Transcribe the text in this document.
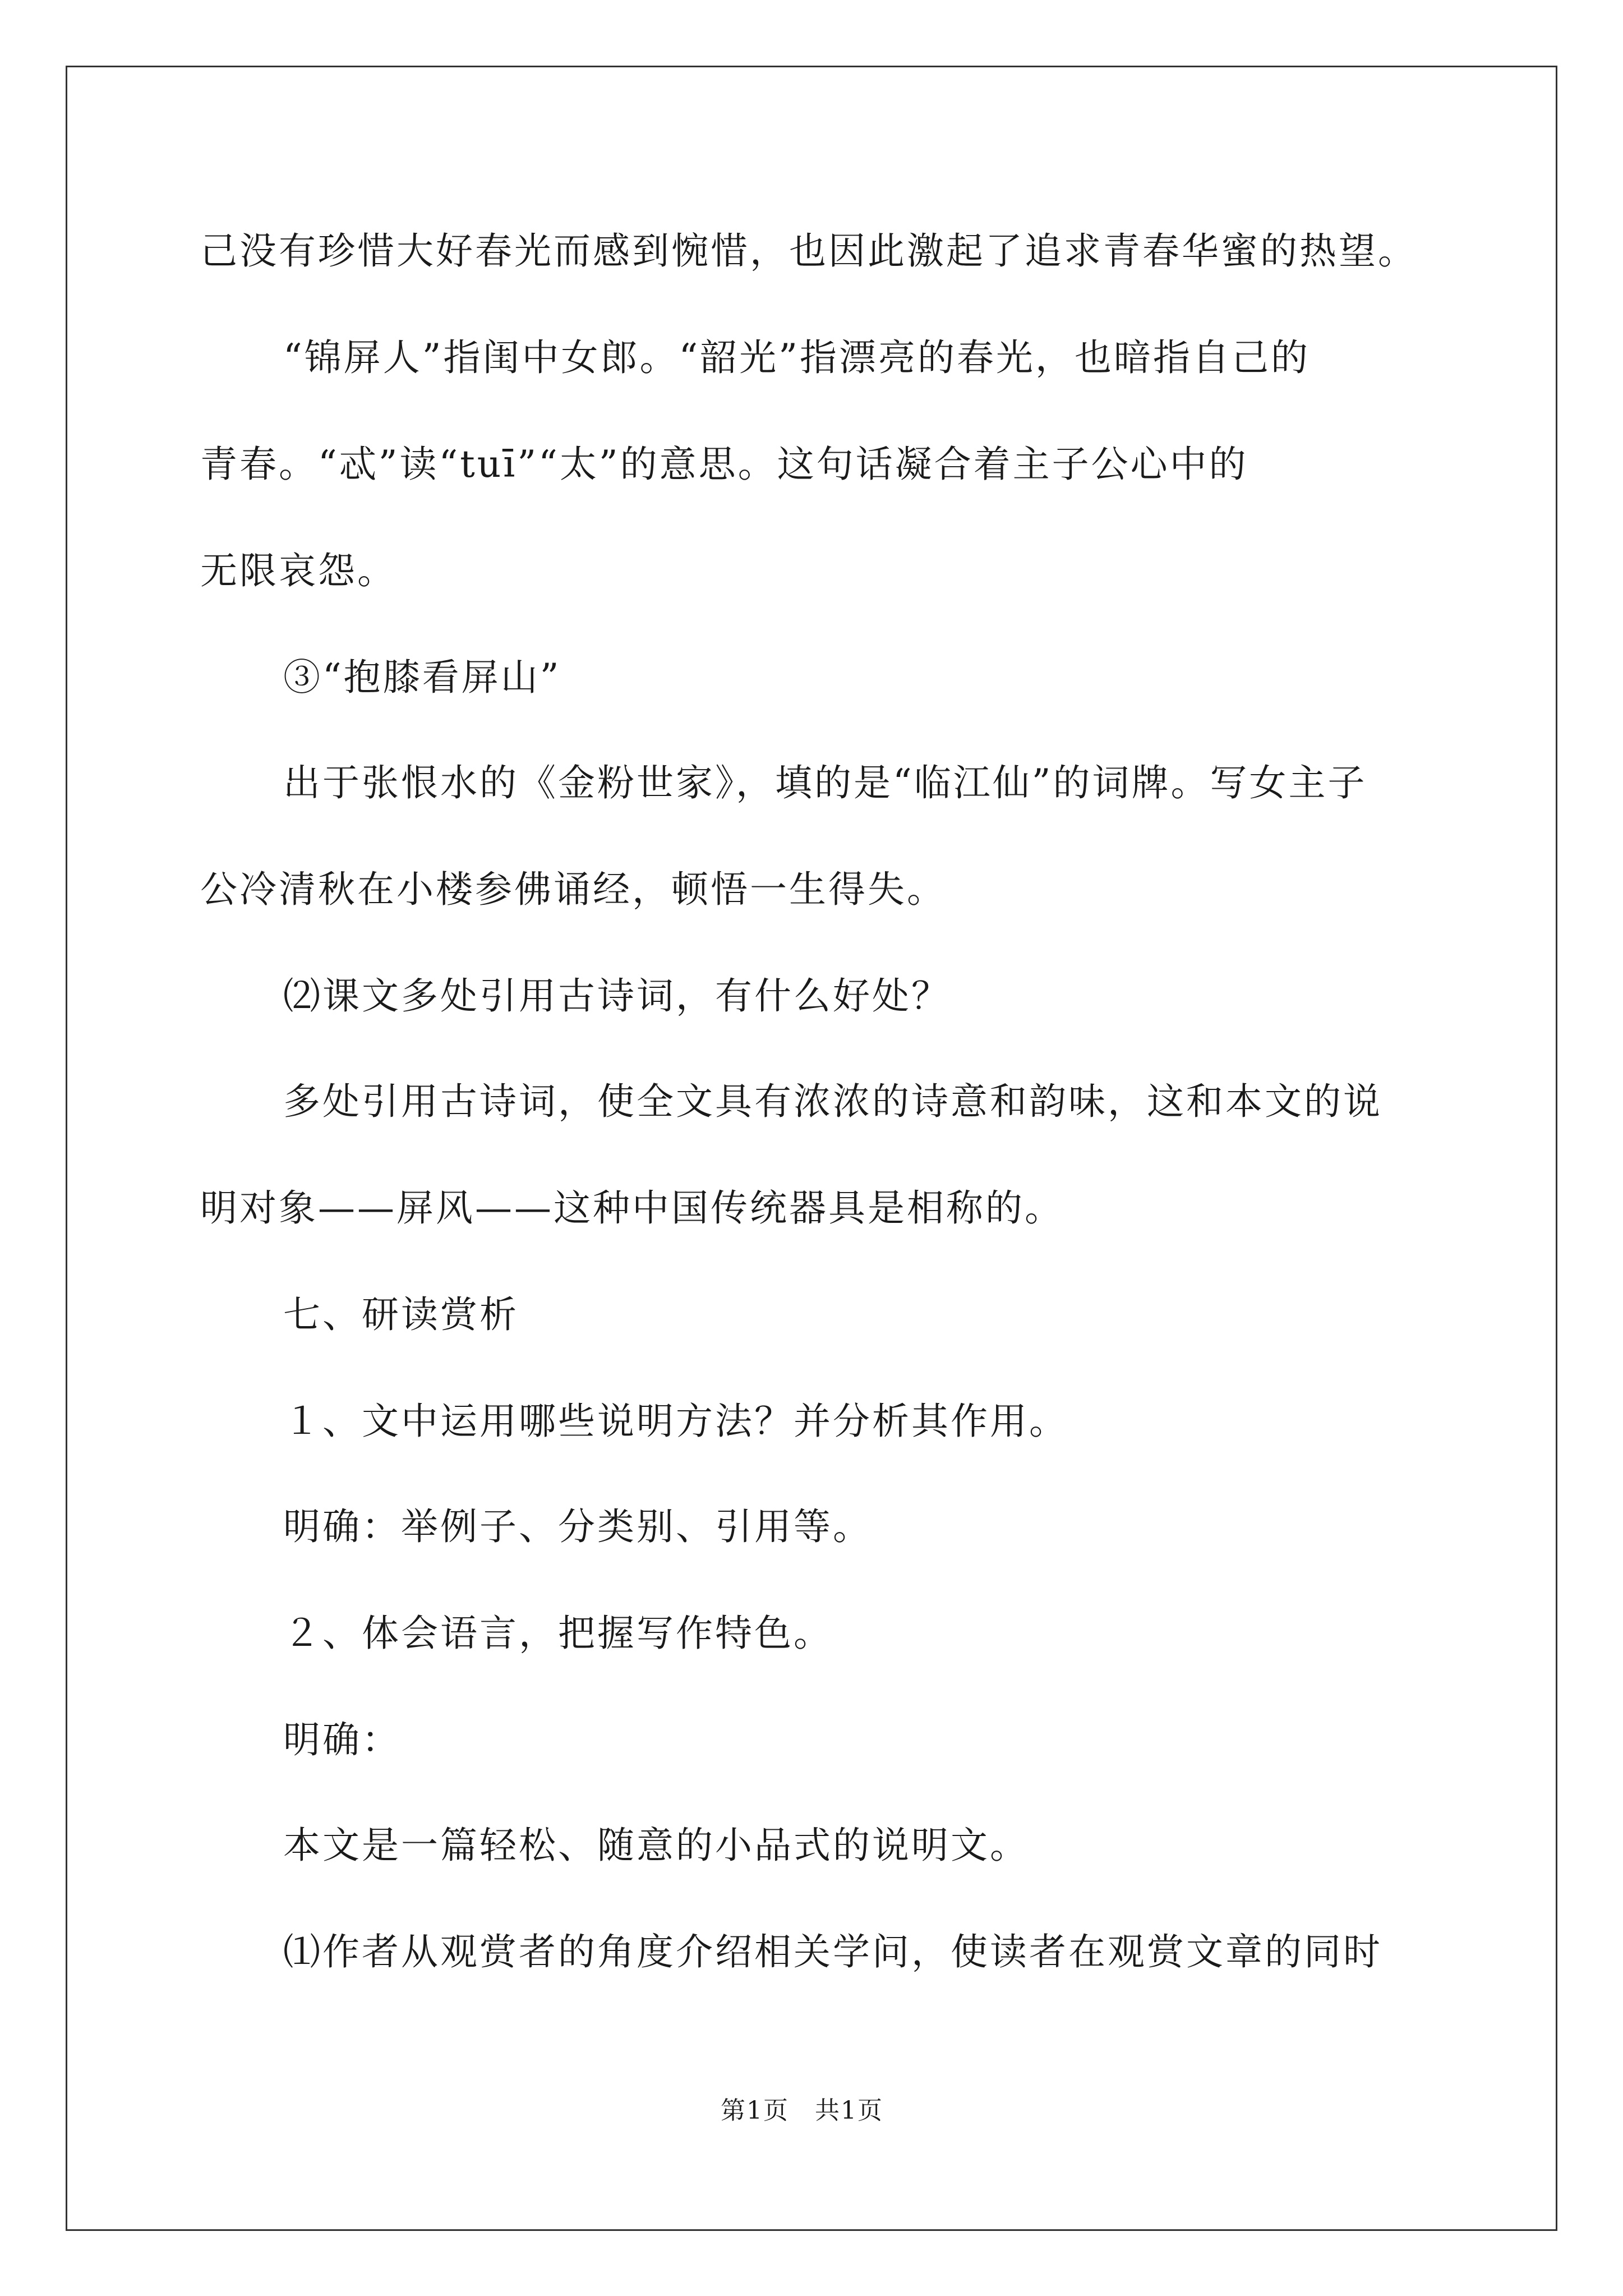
己没有珍惜大好春光而感到惋惜，也因此激起了追求青春华蜜的热望。
“锦屏人”指闺中女郎。“韶光”指漂亮的春光，也暗指自己的
青春。“忒”读“tuī”“太”的意思。这句话凝合着主子公心中的
无限哀怨。
③“抱膝看屏山”
出于张恨水的《金粉世家》，填的是“临江仙”的词牌。写女主子
公冷清秋在小楼参佛诵经，顿悟一生得失。
⑵课文多处引用古诗词，有什么好处？
多处引用古诗词，使全文具有浓浓的诗意和韵味，这和本文的说
明对象——屏风——这种中国传统器具是相称的。
七、研读赏析
１、文中运用哪些说明方法？并分析其作用。
明确：举例子、分类别、引用等。
２、体会语言，把握写作特色。
明确：
本文是一篇轻松、随意的小品式的说明文。
⑴作者从观赏者的角度介绍相关学问，使读者在观赏文章的同时
第1页　共1页
